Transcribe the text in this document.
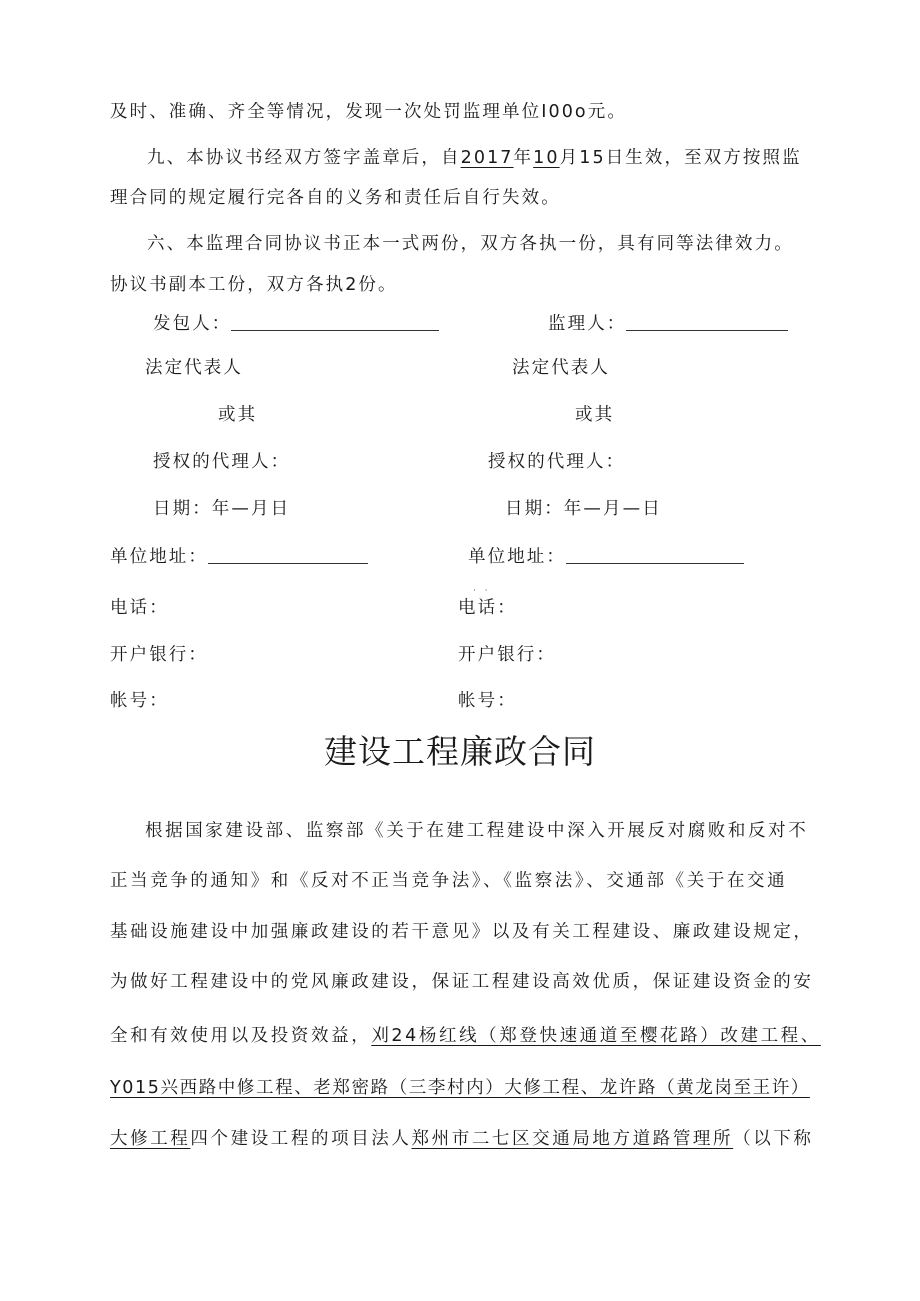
及时、准确、齐全等情况，发现一次处罚监理单位I00o元。
九、本协议书经双方签字盖章后，自2017年10月15日生效，至双方按照监
理合同的规定履行完各自的义务和责任后自行失效。
六、本监理合同协议书正本一式两份，双方各执一份，具有同等法律效力。
协议书副本工份，双方各执2份。
发包人：
法定代表人
或其
授权的代理人：
日期：年—月日
单位地址：
电话：
开户银行：
帐号：
监理人：
法定代表人
或其
授权的代理人：
日期：年—月—日
单位地址：
· ·
电话：
开户银行：
帐号：
建设工程廉政合同
根据国家建设部、监察部《关于在建工程建设中深入开展反对腐败和反对不
正当竞争的通知》和《反对不正当竞争法》、《监察法》、交通部《关于在交通
基础设施建设中加强廉政建设的若干意见》以及有关工程建设、廉政建设规定，
为做好工程建设中的党风廉政建设，保证工程建设高效优质，保证建设资金的安
全和有效使用以及投资效益，刈24杨红线（郑登快速通道至樱花路）改建工程、
Y015兴西路中修工程、老郑密路（三李村内）大修工程、龙许路（黄龙岗至王许）
大修工程四个建设工程的项目法人郑州市二七区交通局地方道路管理所（以下称
